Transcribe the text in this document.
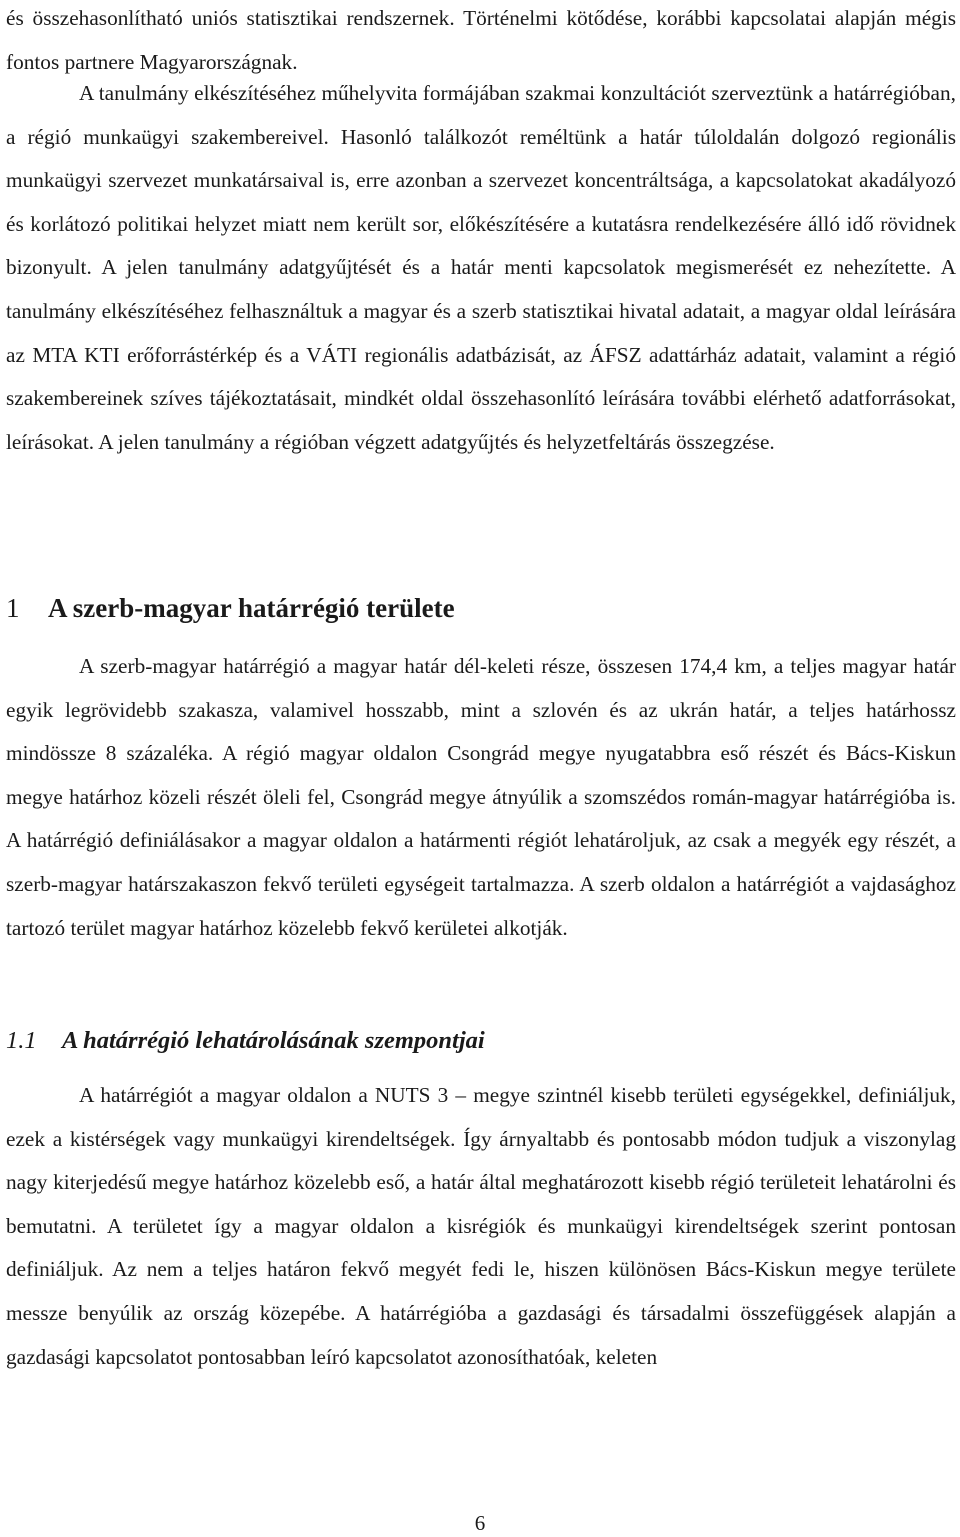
és összehasonlítható uniós statisztikai rendszernek. Történelmi kötődése, korábbi kapcsolatai alapján mégis fontos partnere Magyarországnak.

A tanulmány elkészítéséhez műhelyvita formájában szakmai konzultációt szerveztünk a határrégióban, a régió munkaügyi szakembereivel. Hasonló találkozót reméltünk a határ túloldalán dolgozó regionális munkaügyi szervezet munkatársaival is, erre azonban a szervezet koncentráltsága, a kapcsolatokat akadályozó és korlátozó politikai helyzet miatt nem került sor, előkészítésére a kutatásra rendelkezésére álló idő rövidnek bizonyult. A jelen tanulmány adatgyűjtését és a határ menti kapcsolatok megismerését ez nehezítette. A tanulmány elkészítéséhez felhasználtuk a magyar és a szerb statisztikai hivatal adatait, a magyar oldal leírására az MTA KTI erőforrástérkép és a VÁTI regionális adatbázisát, az ÁFSZ adattárház adatait, valamint a régió szakembereinek szíves tájékoztatásait, mindkét oldal összehasonlító leírására további elérhető adatforrásokat, leírásokat. A jelen tanulmány a régióban végzett adatgyűjtés és helyzetfeltárás összegzése.

1 A szerb-magyar határrégió területe

A szerb-magyar határrégió a magyar határ dél-keleti része, összesen 174,4 km, a teljes magyar határ egyik legrövidebb szakasza, valamivel hosszabb, mint a szlovén és az ukrán határ, a teljes határhossz mindössze 8 százaléka. A régió magyar oldalon Csongrád megye nyugatabbra eső részét és Bács-Kiskun megye határhoz közeli részét öleli fel, Csongrád megye átnyúlik a szomszédos román-magyar határrégióba is. A határrégió definiálásakor a magyar oldalon a határmenti régiót lehatároljuk, az csak a megyék egy részét, a szerb-magyar határszakaszon fekvő területi egységeit tartalmazza. A szerb oldalon a határrégiót a vajdasághoz tartozó terület magyar határhoz közelebb fekvő kerületei alkotják.

1.1 A határrégió lehatárolásának szempontjai

A határrégiót a magyar oldalon a NUTS 3 – megye szintnél kisebb területi egységekkel, definiáljuk, ezek a kistérségek vagy munkaügyi kirendeltségek. Így árnyaltabb és pontosabb módon tudjuk a viszonylag nagy kiterjedésű megye határhoz közelebb eső, a határ által meghatározott kisebb régió területeit lehatárolni és bemutatni. A területet így a magyar oldalon a kisrégiók és munkaügyi kirendeltségek szerint pontosan definiáljuk. Az nem a teljes határon fekvő megyét fedi le, hiszen különösen Bács-Kiskun megye területe messze benyúlik az ország közepébe. A határrégióba a gazdasági és társadalmi összefüggések alapján a gazdasági kapcsolatot pontosabban leíró kapcsolatot azonosíthatóak, keleten

6
